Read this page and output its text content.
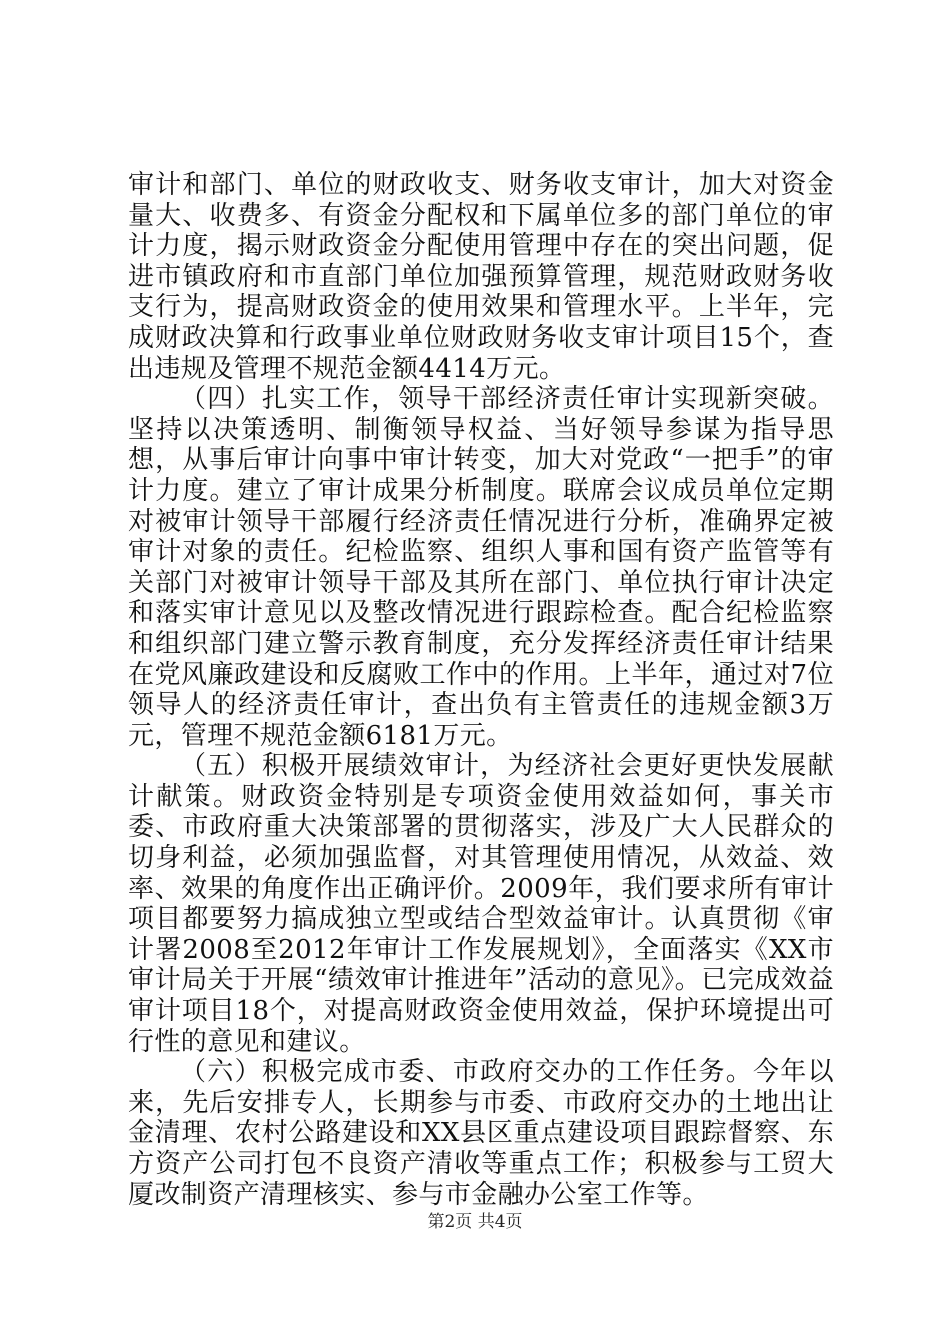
审计和部门、单位的财政收支、财务收支审计，加大对资金量大、收费多、有资金分配权和下属单位多的部门单位的审计力度，揭示财政资金分配使用管理中存在的突出问题，促进市镇政府和市直部门单位加强预算管理，规范财政财务收支行为，提高财政资金的使用效果和管理水平。上半年，完成财政决算和行政事业单位财政财务收支审计项目15个，查出违规及管理不规范金额4414万元。

（四）扎实工作，领导干部经济责任审计实现新突破。坚持以决策透明、制衡领导权益、当好领导参谋为指导思想，从事后审计向事中审计转变，加大对党政“一把手”的审计力度。建立了审计成果分析制度。联席会议成员单位定期对被审计领导干部履行经济责任情况进行分析，准确界定被审计对象的责任。纪检监察、组织人事和国有资产监管等有关部门对被审计领导干部及其所在部门、单位执行审计决定和落实审计意见以及整改情况进行跟踪检查。配合纪检监察和组织部门建立警示教育制度，充分发挥经济责任审计结果在党风廉政建设和反腐败工作中的作用。上半年，通过对7位领导人的经济责任审计，查出负有主管责任的违规金额3万元，管理不规范金额6181万元。

（五）积极开展绩效审计，为经济社会更好更快发展献计献策。财政资金特别是专项资金使用效益如何，事关市委、市政府重大决策部署的贯彻落实，涉及广大人民群众的切身利益，必须加强监督，对其管理使用情况，从效益、效率、效果的角度作出正确评价。2009年，我们要求所有审计项目都要努力搞成独立型或结合型效益审计。认真贯彻《审计署2008至2012年审计工作发展规划》，全面落实《XX市审计局关于开展“绩效审计推进年”活动的意见》。已完成效益审计项目18个，对提高财政资金使用效益，保护环境提出可行性的意见和建议。

（六）积极完成市委、市政府交办的工作任务。今年以来，先后安排专人，长期参与市委、市政府交办的土地出让金清理、农村公路建设和XX县区重点建设项目跟踪督察、东方资产公司打包不良资产清收等重点工作；积极参与工贸大厦改制资产清理核实、参与市金融办公室工作等。

第2页 共4页
